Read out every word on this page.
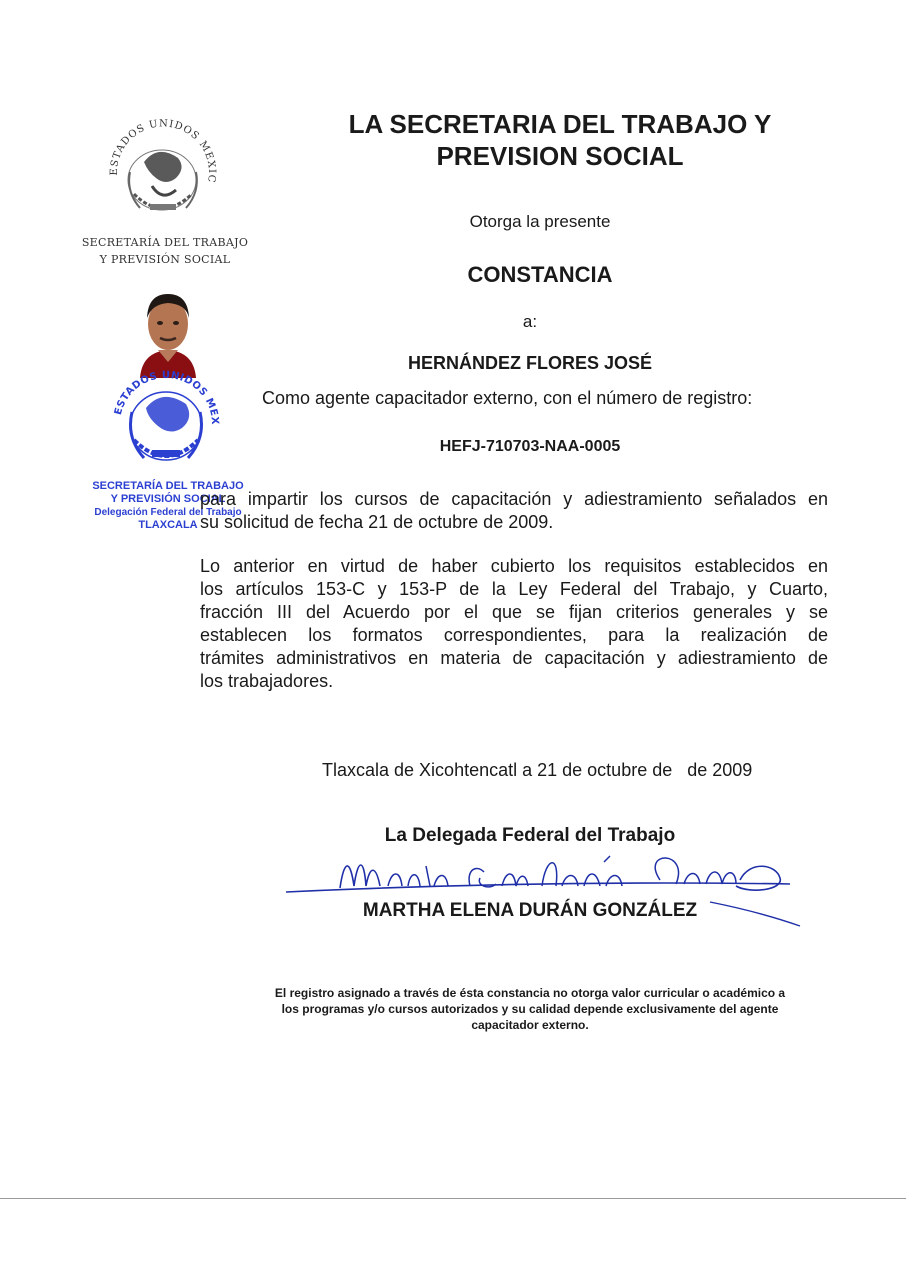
LA SECRETARIA DEL TRABAJO Y
PREVISION SOCIAL
ESTADOS UNIDOS MEXIC
SECRETARÍA DEL TRABAJO
Y PREVISIÓN SOCIAL
ESTADOS UNIDOS MEX
SECRETARÍA DEL TRABAJO
Y PREVISIÓN SOCIAL
Delegación Federal del Trabajo
TLAXCALA
Otorga la presente
CONSTANCIA
a:
HERNÁNDEZ FLORES JOSÉ
Como agente capacitador externo, con el número de registro:
HEFJ-710703-NAA-0005
para impartir los cursos de capacitación y adiestramiento señalados en
su solicitud de fecha 21 de octubre de 2009.
Lo anterior en virtud de haber cubierto los requisitos establecidos en
los artículos 153-C y 153-P de la Ley Federal del Trabajo, y Cuarto,
fracción III del Acuerdo por el que se fijan criterios generales y se
establecen los formatos correspondientes, para la realización de
trámites administrativos en materia de capacitación y adiestramiento de
los trabajadores.
Tlaxcala de Xicohtencatl a 21 de octubre de   de 2009
La Delegada Federal del Trabajo
MARTHA ELENA DURÁN GONZÁLEZ
El registro asignado a través de ésta constancia no otorga valor curricular o académico a
los programas y/o cursos autorizados y su calidad depende exclusivamente del agente
capacitador externo.
